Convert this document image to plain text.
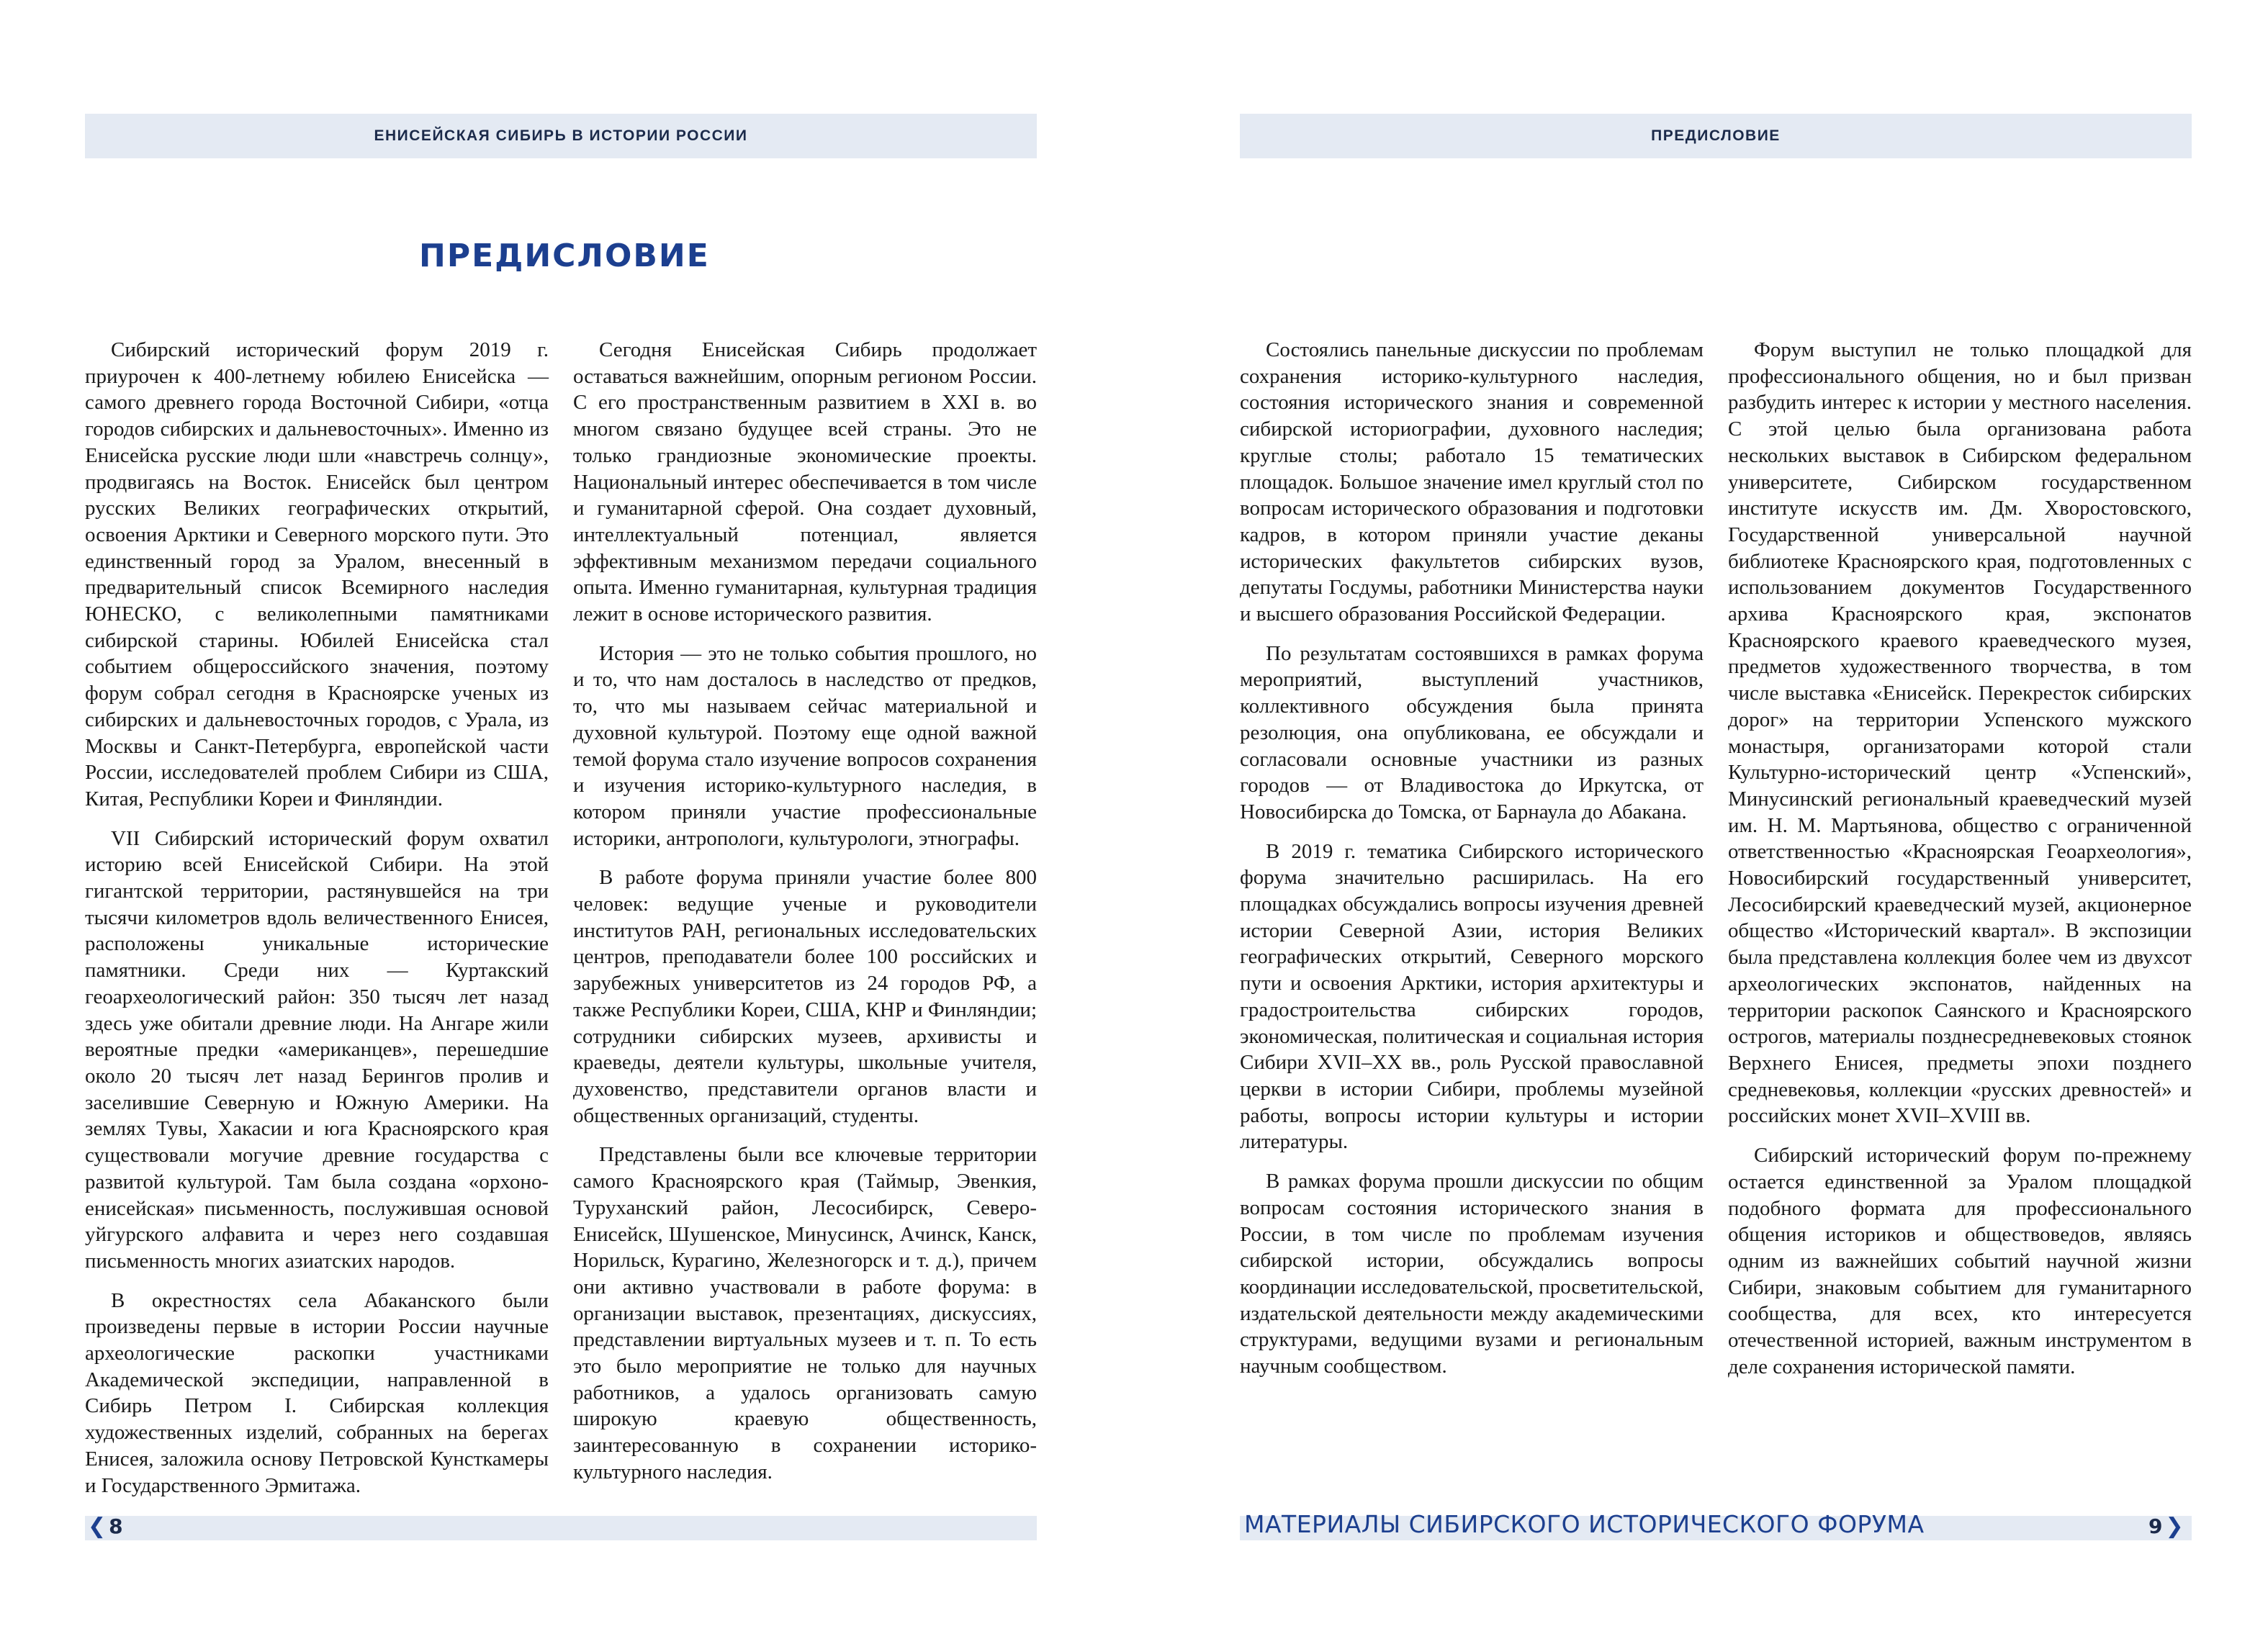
ЕНИСЕЙСКАЯ СИБИРЬ В ИСТОРИИ РОССИИ
ПРЕДИСЛОВИЕ

Сибирский исторический форум 2019 г. приурочен к 400-летнему юбилею Енисейска — самого древнего города Восточной Сибири, «отца городов сибирских и дальневосточных». Именно из Енисейска русские люди шли «навстречь солнцу», продвигаясь на Восток. Енисейск был центром русских Великих географических открытий, освоения Арктики и Северного морского пути. Это единственный город за Уралом, внесенный в предварительный список Всемирного наследия ЮНЕСКО, с великолепными памятниками сибирской старины. Юбилей Енисейска стал событием общероссийского значения, поэтому форум собрал сегодня в Красноярске ученых из сибирских и дальневосточных городов, с Урала, из Москвы и Санкт-Петербурга, европейской части России, исследователей проблем Сибири из США, Китая, Республики Кореи и Финляндии.

VII Сибирский исторический форум охватил историю всей Енисейской Сибири. На этой гигантской территории, растянувшейся на три тысячи километров вдоль величественного Енисея, расположены уникальные исторические памятники. Среди них — Куртакский геоархеологический район: 350 тысяч лет назад здесь уже обитали древние люди. На Ангаре жили вероятные предки «американцев», перешедшие около 20 тысяч лет назад Берингов пролив и заселившие Северную и Южную Америки. На землях Тувы, Хакасии и юга Красноярского края существовали могучие древние государства с развитой культурой. Там была создана «орхоно-енисейская» письменность, послужившая основой уйгурского алфавита и через него создавшая письменность многих азиатских народов.

В окрестностях села Абаканского были произведены первые в истории России научные археологические раскопки участниками Академической экспедиции, направленной в Сибирь Петром I. Сибирская коллекция художественных изделий, собранных на берегах Енисея, заложила основу Петровской Кунсткамеры и Государственного Эрмитажа.

Сегодня Енисейская Сибирь продолжает оставаться важнейшим, опорным регионом России. С его пространственным развитием в XXI в. во многом связано будущее всей страны. Это не только грандиозные экономические проекты. Национальный интерес обеспечивается в том числе и гуманитарной сферой. Она создает духовный, интеллектуальный потенциал, является эффективным механизмом передачи социального опыта. Именно гуманитарная, культурная традиция лежит в основе исторического развития.

История — это не только события прошлого, но и то, что нам досталось в наследство от предков, то, что мы называем сейчас материальной и духовной культурой. Поэтому еще одной важной темой форума стало изучение вопросов сохранения и изучения историко-культурного наследия, в котором приняли участие профессиональные историки, антропологи, культурологи, этнографы.

В работе форума приняли участие более 800 человек: ведущие ученые и руководители институтов РАН, региональных исследовательских центров, преподаватели более 100 российских и зарубежных университетов из 24 городов РФ, а также Республики Кореи, США, КНР и Финляндии; сотрудники сибирских музеев, архивисты и краеведы, деятели культуры, школьные учителя, духовенство, представители органов власти и общественных организаций, студенты.

Представлены были все ключевые территории самого Красноярского края (Таймыр, Эвенкия, Туруханский район, Лесосибирск, Северо-Енисейск, Шушенское, Минусинск, Ачинск, Канск, Норильск, Курагино, Железногорск и т. д.), причем они активно участвовали в работе форума: в организации выставок, презентациях, дискуссиях, представлении виртуальных музеев и т. п. То есть это было мероприятие не только для научных работников, а удалось организовать самую широкую краевую общественность, заинтересованную в сохранении историко-культурного наследия.

❮ 8
ПРЕДИСЛОВИЕ

Состоялись панельные дискуссии по проблемам сохранения историко-культурного наследия, состояния исторического знания и современной сибирской историографии, духовного наследия; круглые столы; работало 15 тематических площадок. Большое значение имел круглый стол по вопросам исторического образования и подготовки кадров, в котором приняли участие деканы исторических факультетов сибирских вузов, депутаты Госдумы, работники Министерства науки и высшего образования Российской Федерации.

По результатам состоявшихся в рамках форума мероприятий, выступлений участников, коллективного обсуждения была принята резолюция, она опубликована, ее обсуждали и согласовали основные участники из разных городов — от Владивостока до Иркутска, от Новосибирска до Томска, от Барнаула до Абакана.

В 2019 г. тематика Сибирского исторического форума значительно расширилась. На его площадках обсуждались вопросы изучения древней истории Северной Азии, история Великих географических открытий, Северного морского пути и освоения Арктики, история архитектуры и градостроительства сибирских городов, экономическая, политическая и социальная история Сибири XVII–XX вв., роль Русской православной церкви в истории Сибири, проблемы музейной работы, вопросы истории культуры и истории литературы.

В рамках форума прошли дискуссии по общим вопросам состояния исторического знания в России, в том числе по проблемам изучения сибирской истории, обсуждались вопросы координации исследовательской, просветительской, издательской деятельности между академическими структурами, ведущими вузами и региональным научным сообществом.

Форум выступил не только площадкой для профессионального общения, но и был призван разбудить интерес к истории у местного населения. С этой целью была организована работа нескольких выставок в Сибирском федеральном университете, Сибирском государственном институте искусств им. Дм. Хворостовского, Государственной универсальной научной библиотеке Красноярского края, подготовленных с использованием документов Государственного архива Красноярского края, экспонатов Красноярского краевого краеведческого музея, предметов художественного творчества, в том числе выставка «Енисейск. Перекресток сибирских дорог» на территории Успенского мужского монастыря, организаторами которой стали Культурно-исторический центр «Успенский», Минусинский региональный краеведческий музей им. Н. М. Мартьянова, общество с ограниченной ответственностью «Красноярская Геоархеология», Новосибирский государственный университет, Лесосибирский краеведческий музей, акционерное общество «Исторический квартал». В экспозиции была представлена коллекция более чем из двухсот археологических экспонатов, найденных на территории раскопок Саянского и Красноярского острогов, материалы позднесредневековых стоянок Верхнего Енисея, предметы эпохи позднего средневековья, коллекции «русских древностей» и российских монет XVII–XVIII вв.

Сибирский исторический форум по-прежнему остается единственной за Уралом площадкой подобного формата для профессионального общения историков и обществоведов, являясь одним из важнейших событий научной жизни Сибири, знаковым событием для гуманитарного сообщества, для всех, кто интересуется отечественной историей, важным инструментом в деле сохранения исторической памяти.

МАТЕРИАЛЫ СИБИРСКОГО ИСТОРИЧЕСКОГО ФОРУМА	9 ❯
